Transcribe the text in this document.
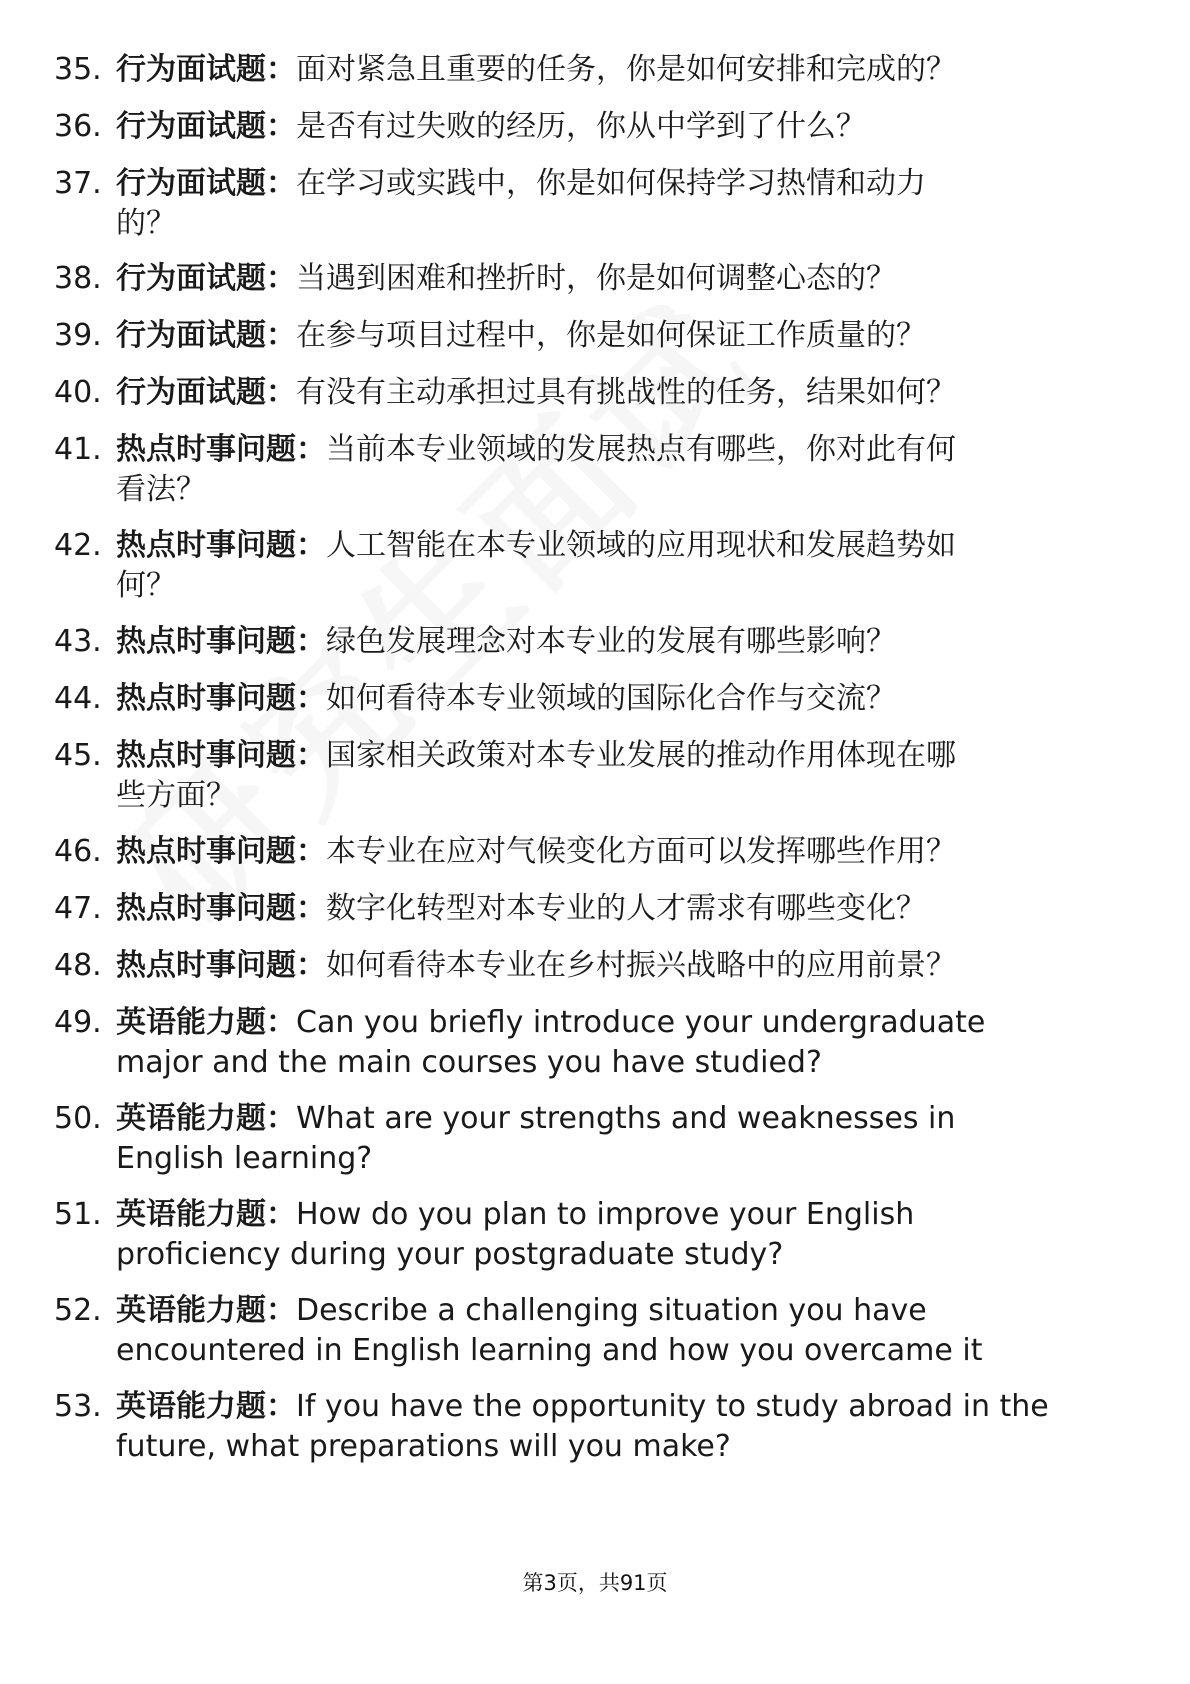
35. 行为面试题：面对紧急且重要的任务，你是如何安排和完成的？
36. 行为面试题：是否有过失败的经历，你从中学到了什么？
37. 行为面试题：在学习或实践中，你是如何保持学习热情和动力
的？
38. 行为面试题：当遇到困难和挫折时，你是如何调整心态的？
39. 行为面试题：在参与项目过程中，你是如何保证工作质量的？
40. 行为面试题：有没有主动承担过具有挑战性的任务，结果如何？
41. 热点时事问题：当前本专业领域的发展热点有哪些，你对此有何
看法？
42. 热点时事问题：人工智能在本专业领域的应用现状和发展趋势如
何？
43. 热点时事问题：绿色发展理念对本专业的发展有哪些影响？
44. 热点时事问题：如何看待本专业领域的国际化合作与交流？
45. 热点时事问题：国家相关政策对本专业发展的推动作用体现在哪
些方面？
46. 热点时事问题：本专业在应对气候变化方面可以发挥哪些作用？
47. 热点时事问题：数字化转型对本专业的人才需求有哪些变化？
48. 热点时事问题：如何看待本专业在乡村振兴战略中的应用前景？
49. 英语能力题：Can you briefly introduce your undergraduate
major and the main courses you have studied?
50. 英语能力题：What are your strengths and weaknesses in
English learning?
51. 英语能力题：How do you plan to improve your English
proficiency during your postgraduate study?
52. 英语能力题：Describe a challenging situation you have
encountered in English learning and how you overcame it
53. 英语能力题：If you have the opportunity to study abroad in the
future, what preparations will you make?
第3页，共91页
